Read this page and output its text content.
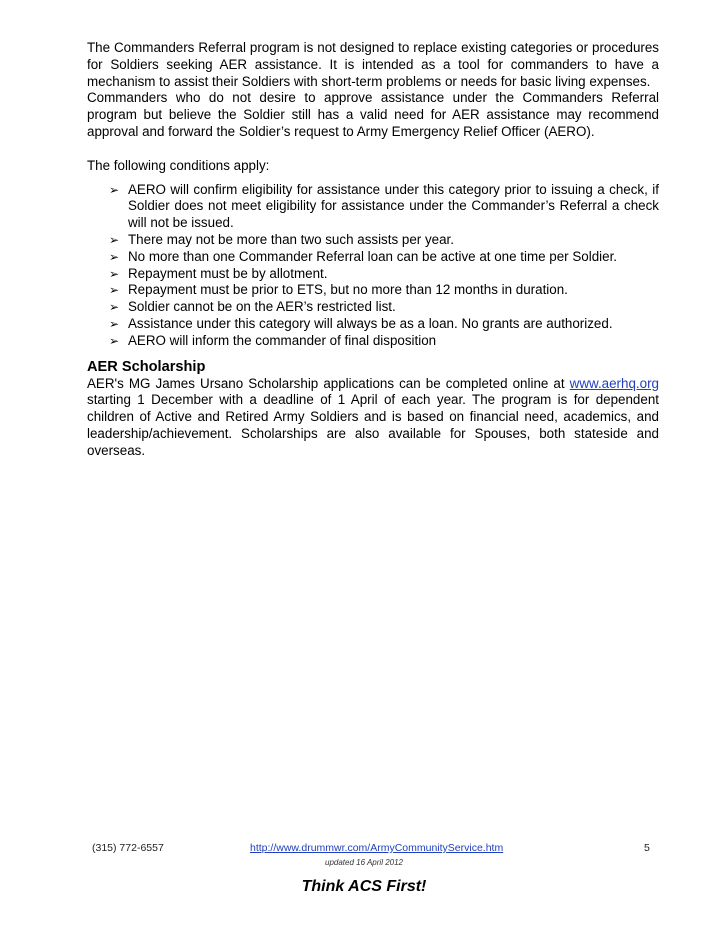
The Commanders Referral program is not designed to replace existing categories or procedures for Soldiers seeking AER assistance. It is intended as a tool for commanders to have a mechanism to assist their Soldiers with short-term problems or needs for basic living expenses.

Commanders who do not desire to approve assistance under the Commanders Referral program but believe the Soldier still has a valid need for AER assistance may recommend approval and forward the Soldier’s request to Army Emergency Relief Officer (AERO).

The following conditions apply:

➢ AERO will confirm eligibility for assistance under this category prior to issuing a check, if Soldier does not meet eligibility for assistance under the Commander’s Referral a check will not be issued.
➢ There may not be more than two such assists per year.
➢ No more than one Commander Referral loan can be active at one time per Soldier.
➢ Repayment must be by allotment.
➢ Repayment must be prior to ETS, but no more than 12 months in duration.
➢ Soldier cannot be on the AER’s restricted list.
➢ Assistance under this category will always be as a loan. No grants are authorized.
➢ AERO will inform the commander of final disposition
AER Scholarship

AER's MG James Ursano Scholarship applications can be completed online at www.aerhq.org starting 1 December with a deadline of 1 April of each year. The program is for dependent children of Active and Retired Army Soldiers and is based on financial need, academics, and leadership/achievement. Scholarships are also available for Spouses, both stateside and overseas.

(315) 772-6557	http://www.drummwr.com/ArmyCommunityService.htm	5
updated 16 April 2012
Think ACS First!
